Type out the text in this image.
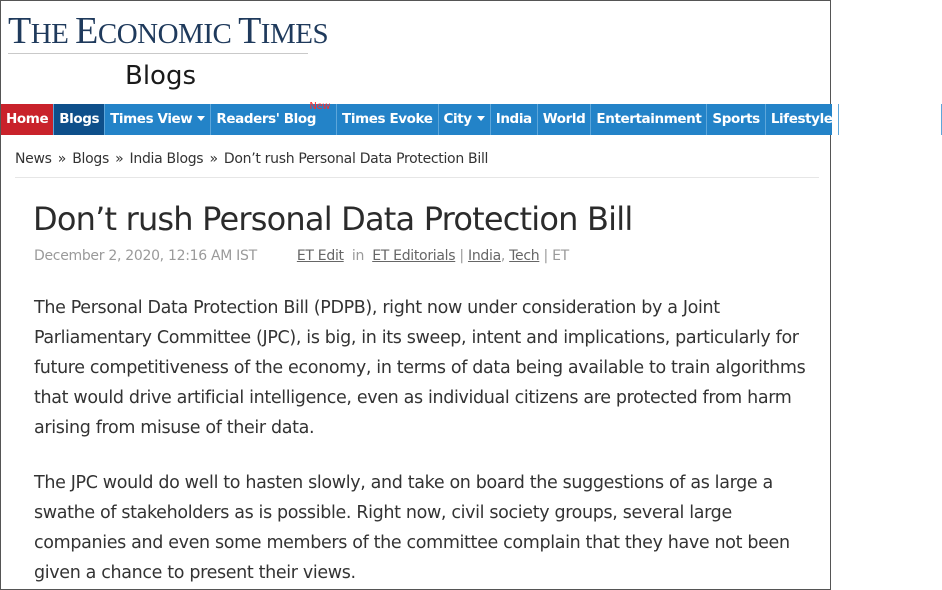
THE ECONOMIC TIMES
Blogs
Home Blogs Times View	Readers' Blog
New
Times Evoke City	India World Entertainment Sports Lifestyle Environment
News » Blogs » India Blogs » Don’t rush Personal Data Protection Bill
Don’t rush Personal Data Protection Bill
December 2, 2020, 12:16 AM IST	ET Edit in ET Editorials | India, Tech | ET
The Personal Data Protection Bill (PDPB), right now under consideration by a Joint
Parliamentary Committee (JPC), is big, in its sweep, intent and implications, particularly for
future competitiveness of the economy, in terms of data being available to train algorithms
that would drive artificial intelligence, even as individual citizens are protected from harm
arising from misuse of their data.
The JPC would do well to hasten slowly, and take on board the suggestions of as large a
swathe of stakeholders as is possible. Right now, civil society groups, several large
companies and even some members of the committee complain that they have not been
given a chance to present their views.
